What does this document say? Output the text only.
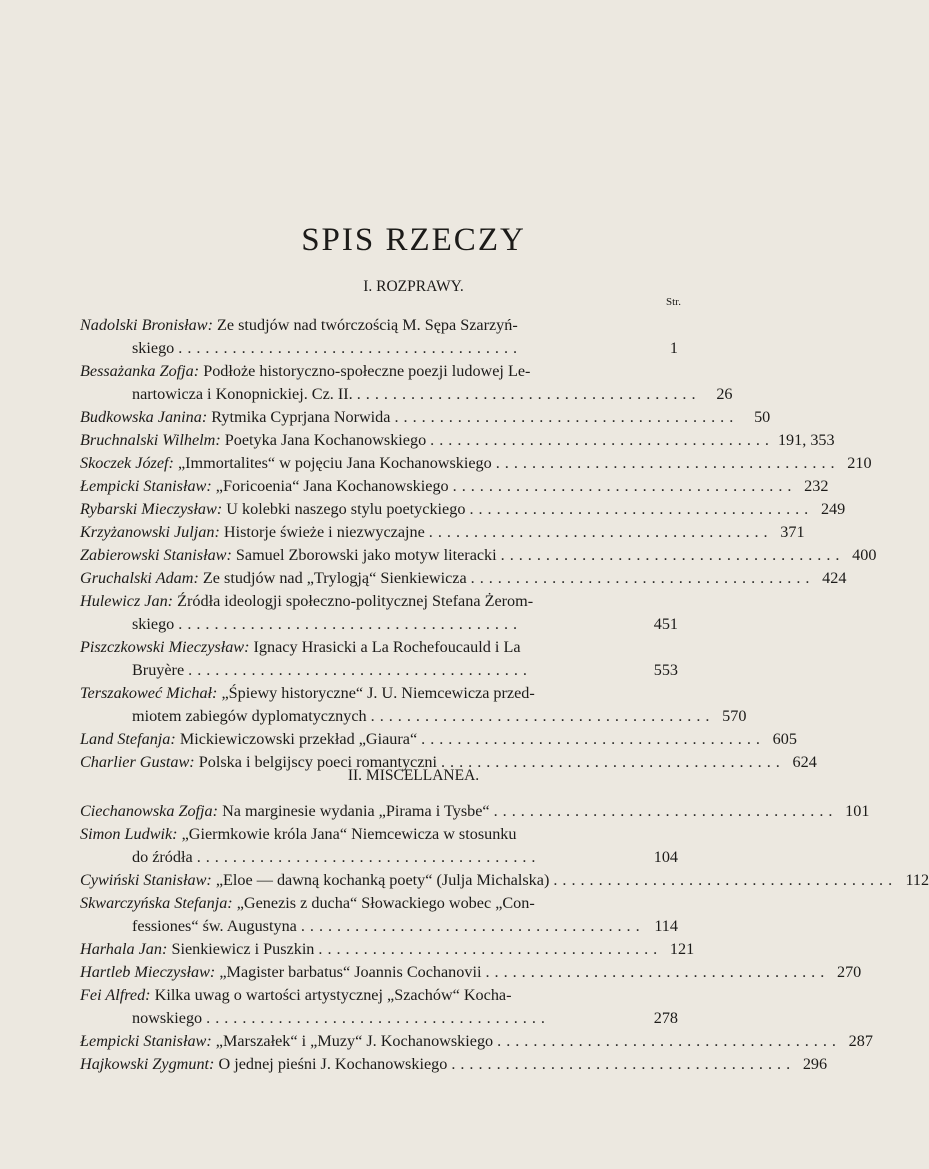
SPIS RZECZY
I. ROZPRAWY.
Str.
II. MISCELLANEA.
Nadolski Bronisław:
Ze studjów nad twórczością M. Sępa Szarzyń-
skiego ......................................	1
Bessażanka Zofja:
Podłoże historyczno-społeczne poezji ludowej Le-
nartowicza i Konopnickiej. Cz. II. ...................................... 26
Budkowska Janina:
Rytmika Cyprjana Norwida ...................................... 50
Bruchnalski Wilhelm:
Poetyka Jana Kochanowskiego ...................................... 191, 353
Skoczek Józef:
„Immortalites“ w pojęciu Jana Kochanowskiego ...................................... 210
Łempicki Stanisław:
„Foricoenia“ Jana Kochanowskiego ...................................... 232
Rybarski Mieczysław:
U kolebki naszego stylu poetyckiego ...................................... 249
Krzyżanowski Juljan:
Historje świeże i niezwyczajne ...................................... 371
Zabierowski Stanisław:
Samuel Zborowski jako motyw literacki ...................................... 400
Gruchalski Adam:
Ze studjów nad „Trylogją“ Sienkiewicza ...................................... 424
Hulewicz Jan:
Źródła ideologji społeczno-politycznej Stefana Żerom-
skiego ......................................	451
Piszczkowski Mieczysław:
Ignacy Hrasicki a La Rochefoucauld i La
Bruyère ......................................	553
Terszakoweć Michał:
„Śpiewy historyczne“ J. U. Niemcewicza przed-
miotem zabiegów dyplomatycznych ...................................... 570
Land Stefanja:
Mickiewiczowski przekład „Giaura“ ...................................... 605
Charlier Gustaw:
Polska i belgijscy poeci romantyczni ...................................... 624
Ciechanowska Zofja:
Na marginesie wydania „Pirama i Tysbe“ ...................................... 101
Simon Ludwik:
„Giermkowie króla Jana“ Niemcewicza w stosunku
do źródła ......................................	104
Cywiński Stanisław:
„Eloe — dawną kochanką poety“ (Julja Michalska) ...................................... 112
Skwarczyńska Stefanja:
„Genezis z ducha“ Słowackiego wobec „Con-
fessiones“ św. Augustyna ...................................... 114
Harhala Jan:
Sienkiewicz i Puszkin ...................................... 121
Hartleb Mieczysław:
„Magister barbatus“ Joannis Cochanovii ...................................... 270
Fei Alfred:
Kilka uwag o wartości artystycznej „Szachów“ Kocha-
nowskiego ......................................	278
Łempicki Stanisław:
„Marszałek“ i „Muzy“ J. Kochanowskiego ...................................... 287
Hajkowski Zygmunt:
O jednej pieśni J. Kochanowskiego ...................................... 296
